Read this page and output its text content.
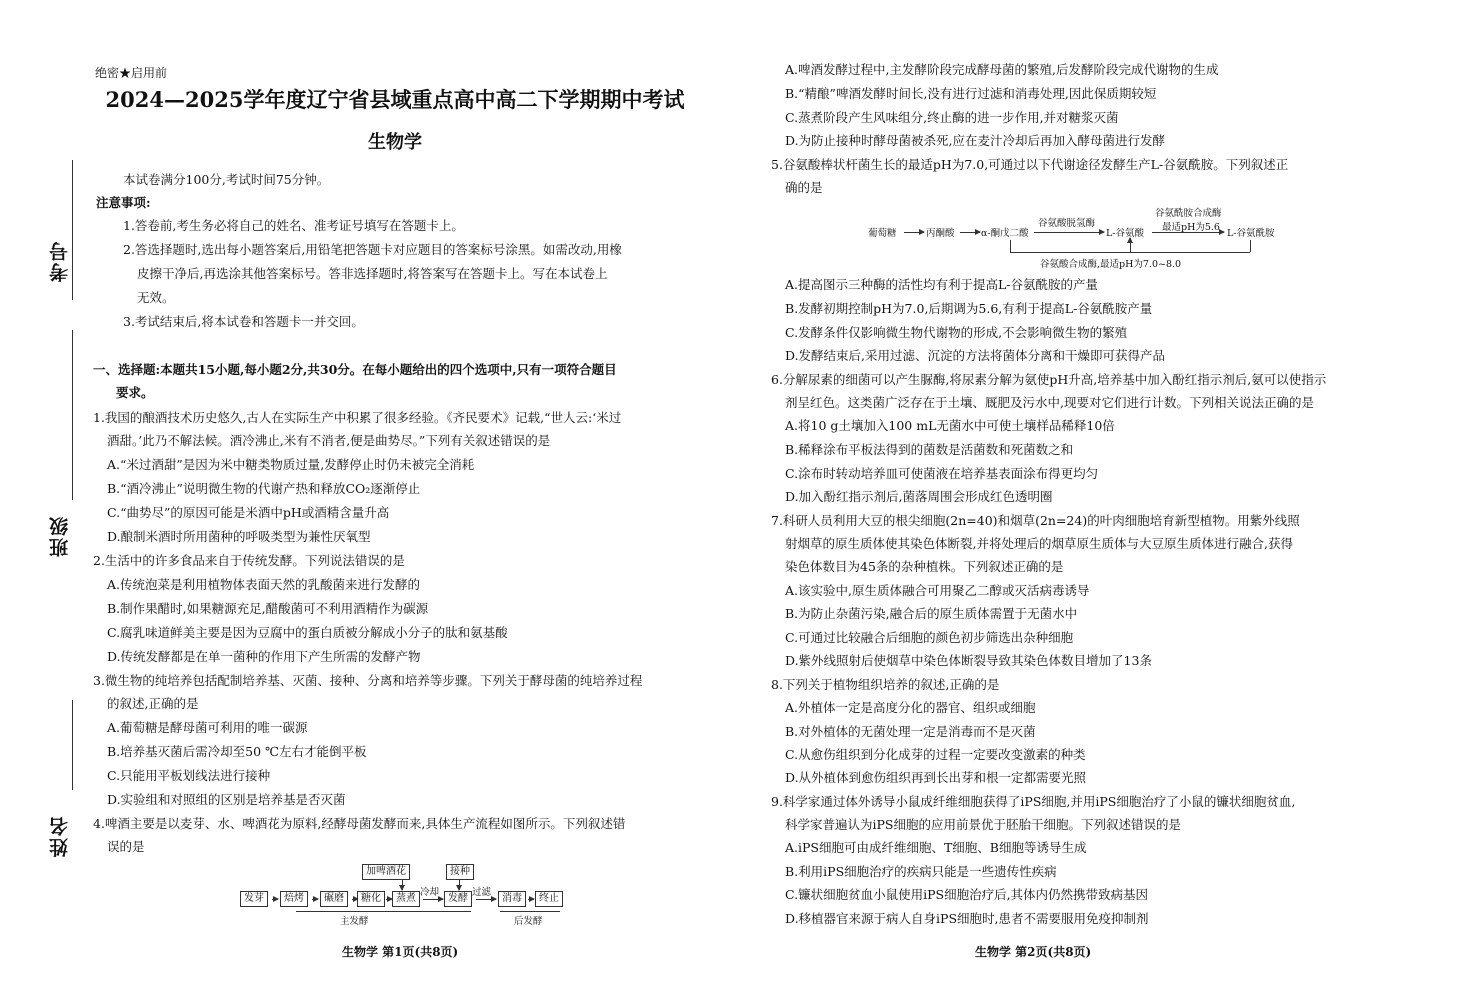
考号
班级
姓名
绝密★启用前
2024—2025学年度辽宁省县域重点高中高二下学期期中考试
生物学
本试卷满分100分,考试时间75分钟。
注意事项:
1.答卷前,考生务必将自己的姓名、准考证号填写在答题卡上。
2.答选择题时,选出每小题答案后,用铅笔把答题卡对应题目的答案标号涂黑。如需改动,用橡
皮擦干净后,再选涂其他答案标号。答非选择题时,将答案写在答题卡上。写在本试卷上
无效。
3.考试结束后,将本试卷和答题卡一并交回。
一、选择题:本题共15小题,每小题2分,共30分。在每小题给出的四个选项中,只有一项符合题目
要求。
1.我国的酿酒技术历史悠久,古人在实际生产中积累了很多经验。《齐民要术》记载,“世人云:‘米过
酒甜。’此乃不解法候。酒冷沸止,米有不消者,便是曲势尽。”下列有关叙述错误的是
A.“米过酒甜”是因为米中糖类物质过量,发酵停止时仍未被完全消耗
B.“酒冷沸止”说明微生物的代谢产热和释放CO₂逐渐停止
C.“曲势尽”的原因可能是米酒中pH或酒精含量升高
D.酿制米酒时所用菌种的呼吸类型为兼性厌氧型
2.生活中的许多食品来自于传统发酵。下列说法错误的是
A.传统泡菜是利用植物体表面天然的乳酸菌来进行发酵的
B.制作果醋时,如果糖源充足,醋酸菌可不利用酒精作为碳源
C.腐乳味道鲜美主要是因为豆腐中的蛋白质被分解成小分子的肽和氨基酸
D.传统发酵都是在单一菌种的作用下产生所需的发酵产物
3.微生物的纯培养包括配制培养基、灭菌、接种、分离和培养等步骤。下列关于酵母菌的纯培养过程
的叙述,正确的是
A.葡萄糖是酵母菌可利用的唯一碳源
B.培养基灭菌后需冷却至50 ℃左右才能倒平板
C.只能用平板划线法进行接种
D.实验组和对照组的区别是培养基是否灭菌
4.啤酒主要是以麦芽、水、啤酒花为原料,经酵母菌发酵而来,具体生产流程如图所示。下列叙述错
误的是
加啤酒花	接种
发芽	焙烤	碾磨	糖化	蒸煮
冷却
发酵
过滤
消毒	终止
主发酵	后发酵
生物学 第1页(共8页)
A.啤酒发酵过程中,主发酵阶段完成酵母菌的繁殖,后发酵阶段完成代谢物的生成
B.“精酿”啤酒发酵时间长,没有进行过滤和消毒处理,因此保质期较短
C.蒸煮阶段产生风味组分,终止酶的进一步作用,并对糖浆灭菌
D.为防止接种时酵母菌被杀死,应在麦汁冷却后再加入酵母菌进行发酵
5.谷氨酸棒状杆菌生长的最适pH为7.0,可通过以下代谢途径发酵生产L-谷氨酰胺。下列叙述正
确的是
葡萄糖	丙酮酸	α-酮戊二酸
谷氨酸脱氢酶
L-谷氨酸
谷氨酰胺合成酶
最适pH为5.6
L-谷氨酰胺
谷氨酸合成酶,最适pH为7.0~8.0
A.提高图示三种酶的活性均有利于提高L-谷氨酰胺的产量
B.发酵初期控制pH为7.0,后期调为5.6,有利于提高L-谷氨酰胺产量
C.发酵条件仅影响微生物代谢物的形成,不会影响微生物的繁殖
D.发酵结束后,采用过滤、沉淀的方法将菌体分离和干燥即可获得产品
6.分解尿素的细菌可以产生脲酶,将尿素分解为氨使pH升高,培养基中加入酚红指示剂后,氨可以使指示
剂呈红色。这类菌广泛存在于土壤、厩肥及污水中,现要对它们进行计数。下列相关说法正确的是
A.将10 g土壤加入100 mL无菌水中可使土壤样品稀释10倍
B.稀释涂布平板法得到的菌数是活菌数和死菌数之和
C.涂布时转动培养皿可使菌液在培养基表面涂布得更均匀
D.加入酚红指示剂后,菌落周围会形成红色透明圈
7.科研人员利用大豆的根尖细胞(2n=40)和烟草(2n=24)的叶肉细胞培育新型植物。用紫外线照
射烟草的原生质体使其染色体断裂,并将处理后的烟草原生质体与大豆原生质体进行融合,获得
染色体数目为45条的杂种植株。下列叙述正确的是
A.该实验中,原生质体融合可用聚乙二醇或灭活病毒诱导
B.为防止杂菌污染,融合后的原生质体需置于无菌水中
C.可通过比较融合后细胞的颜色初步筛选出杂种细胞
D.紫外线照射后使烟草中染色体断裂导致其染色体数目增加了13条
8.下列关于植物组织培养的叙述,正确的是
A.外植体一定是高度分化的器官、组织或细胞
B.对外植体的无菌处理一定是消毒而不是灭菌
C.从愈伤组织到分化成芽的过程一定要改变激素的种类
D.从外植体到愈伤组织再到长出芽和根一定都需要光照
9.科学家通过体外诱导小鼠成纤维细胞获得了iPS细胞,并用iPS细胞治疗了小鼠的镰状细胞贫血,
科学家普遍认为iPS细胞的应用前景优于胚胎干细胞。下列叙述错误的是
A.iPS细胞可由成纤维细胞、T细胞、B细胞等诱导生成
B.利用iPS细胞治疗的疾病只能是一些遗传性疾病
C.镰状细胞贫血小鼠使用iPS细胞治疗后,其体内仍然携带致病基因
D.移植器官来源于病人自身iPS细胞时,患者不需要服用免疫抑制剂
生物学 第2页(共8页)
